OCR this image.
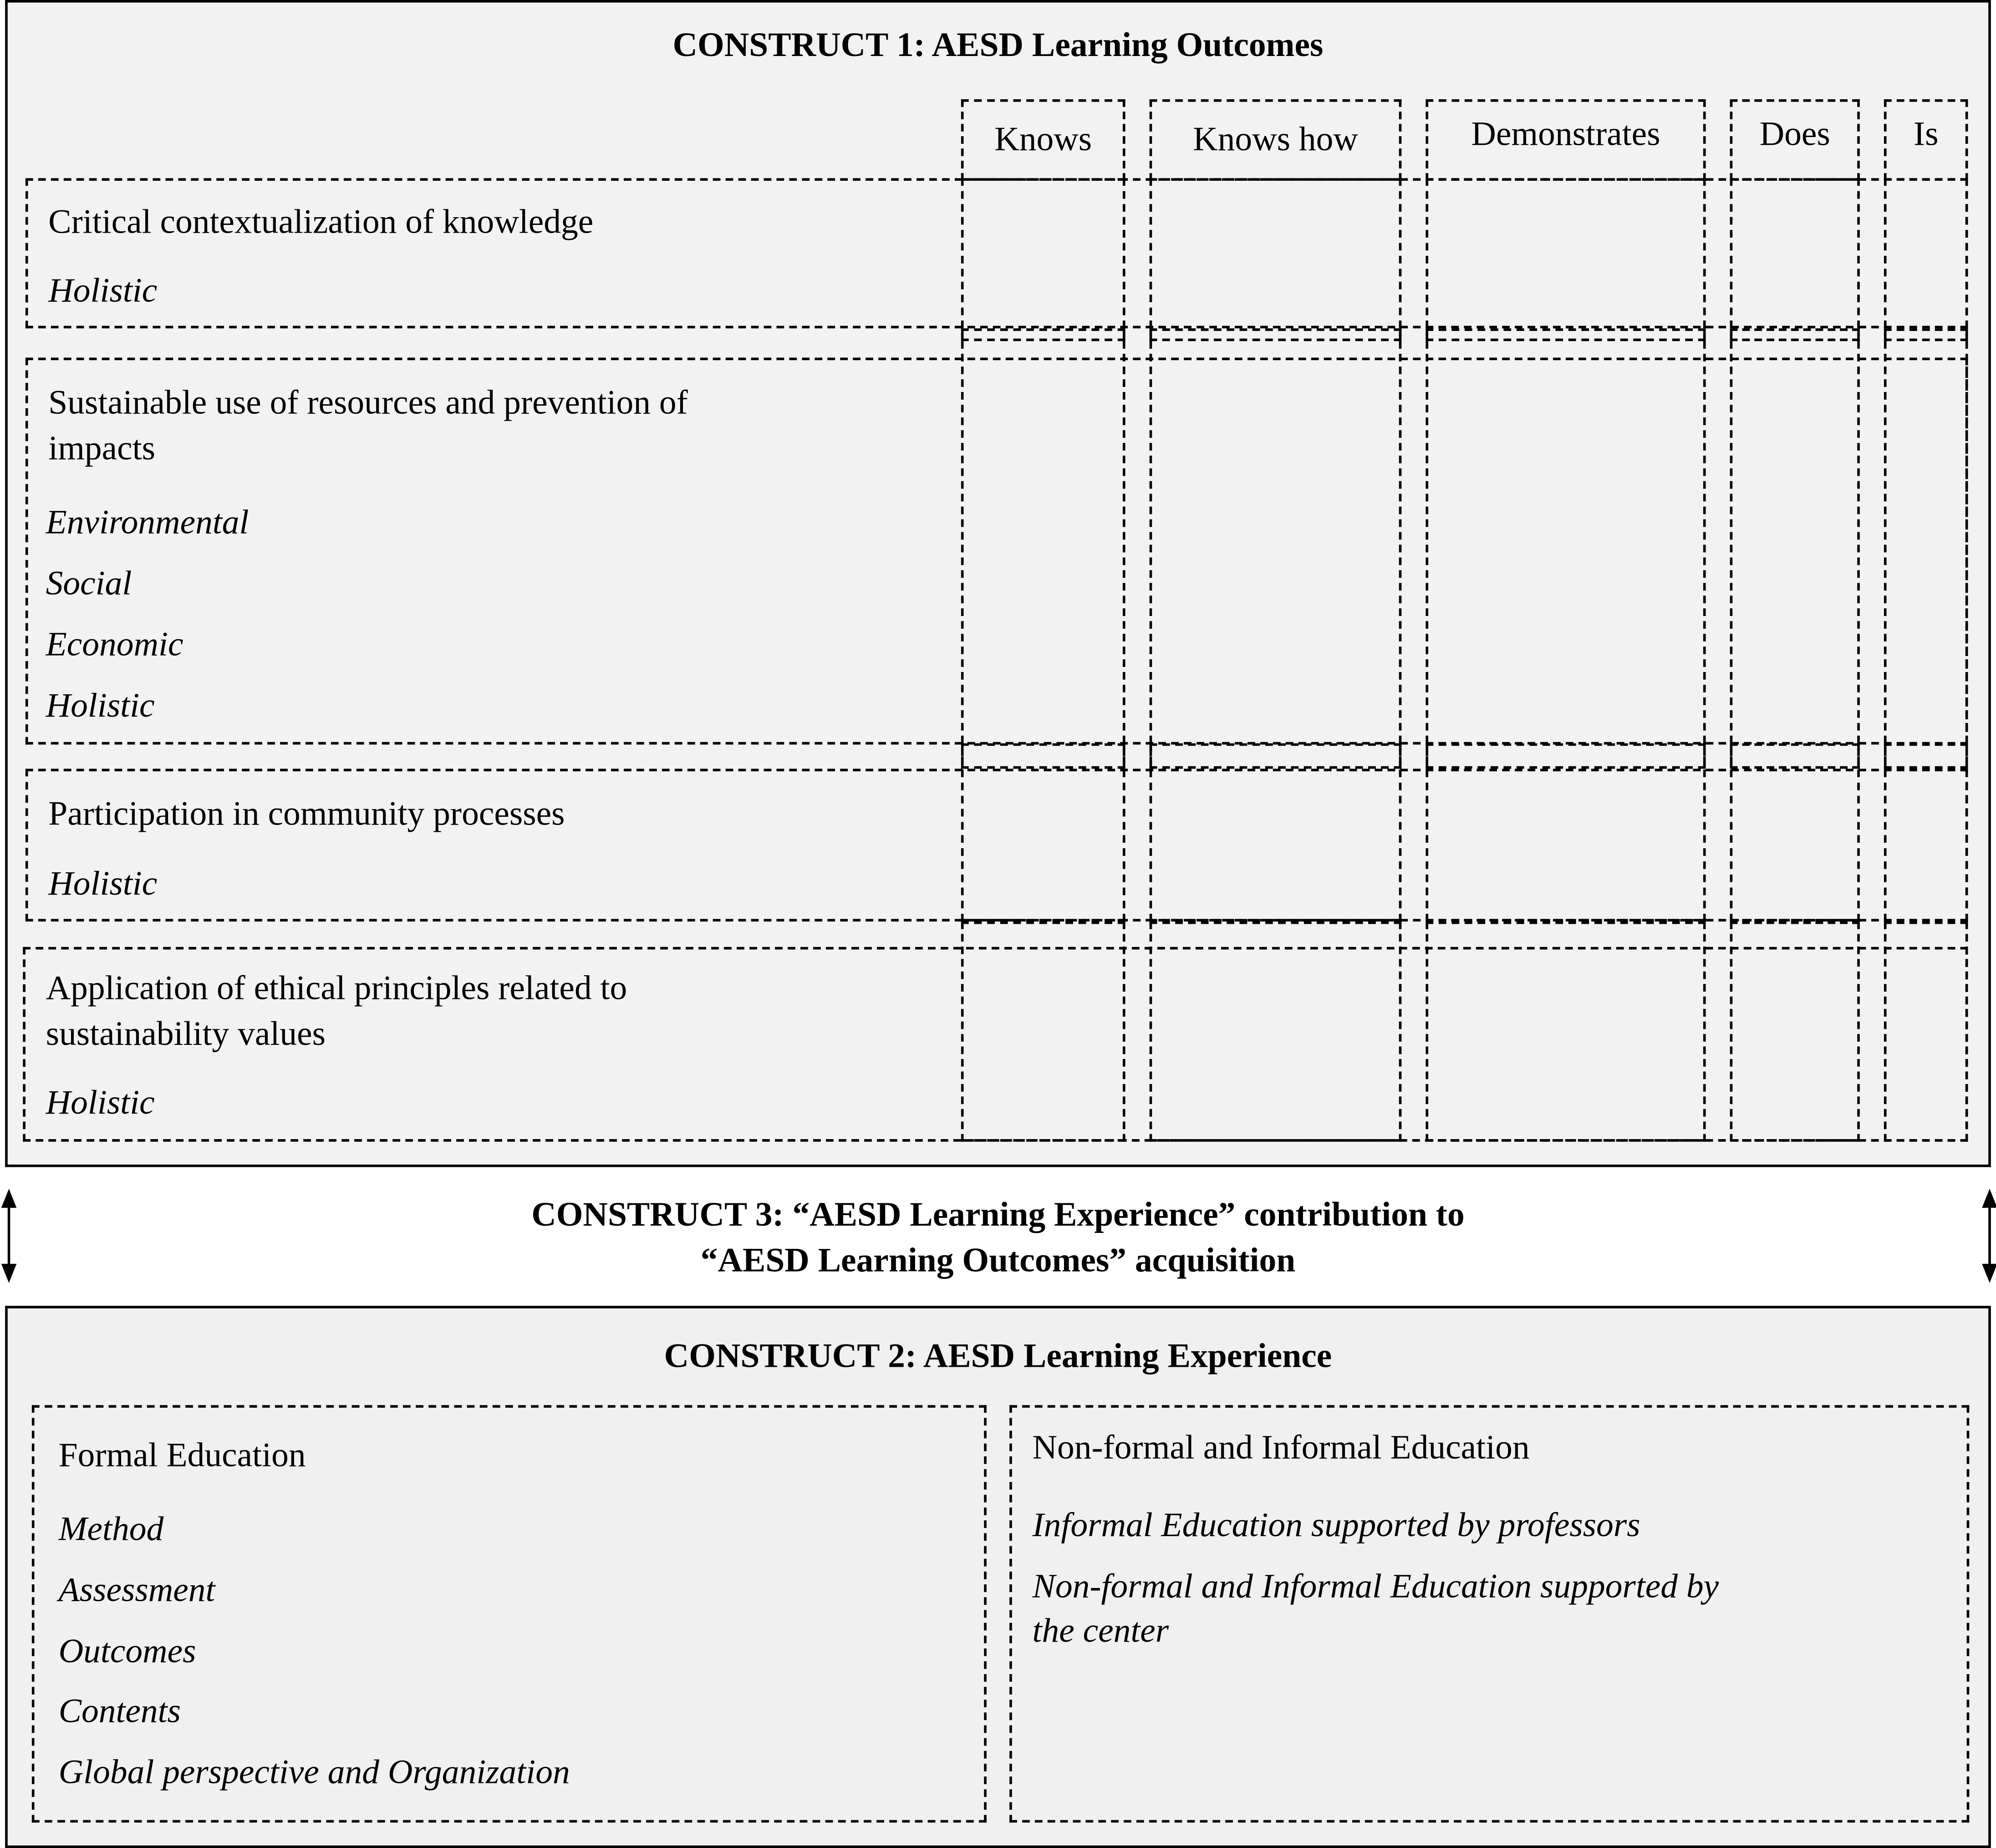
CONSTRUCT 1: AESD Learning Outcomes
Knows	Knows how	Demonstrates	Does	Is
Critical contextualization of knowledge
Holistic
Sustainable use of resources and prevention of
impacts
Environmental
Social
Economic
Holistic
Participation in community processes
Holistic
Application of ethical principles related to
sustainability values
Holistic
CONSTRUCT 3: “AESD Learning Experience” contribution to
“AESD Learning Outcomes” acquisition
CONSTRUCT 2: AESD Learning Experience
Formal Education
Method
Assessment
Outcomes
Contents
Global perspective and Organization
Non-formal and Informal Education
Informal Education supported by professors
Non-formal and Informal Education supported by
the center
